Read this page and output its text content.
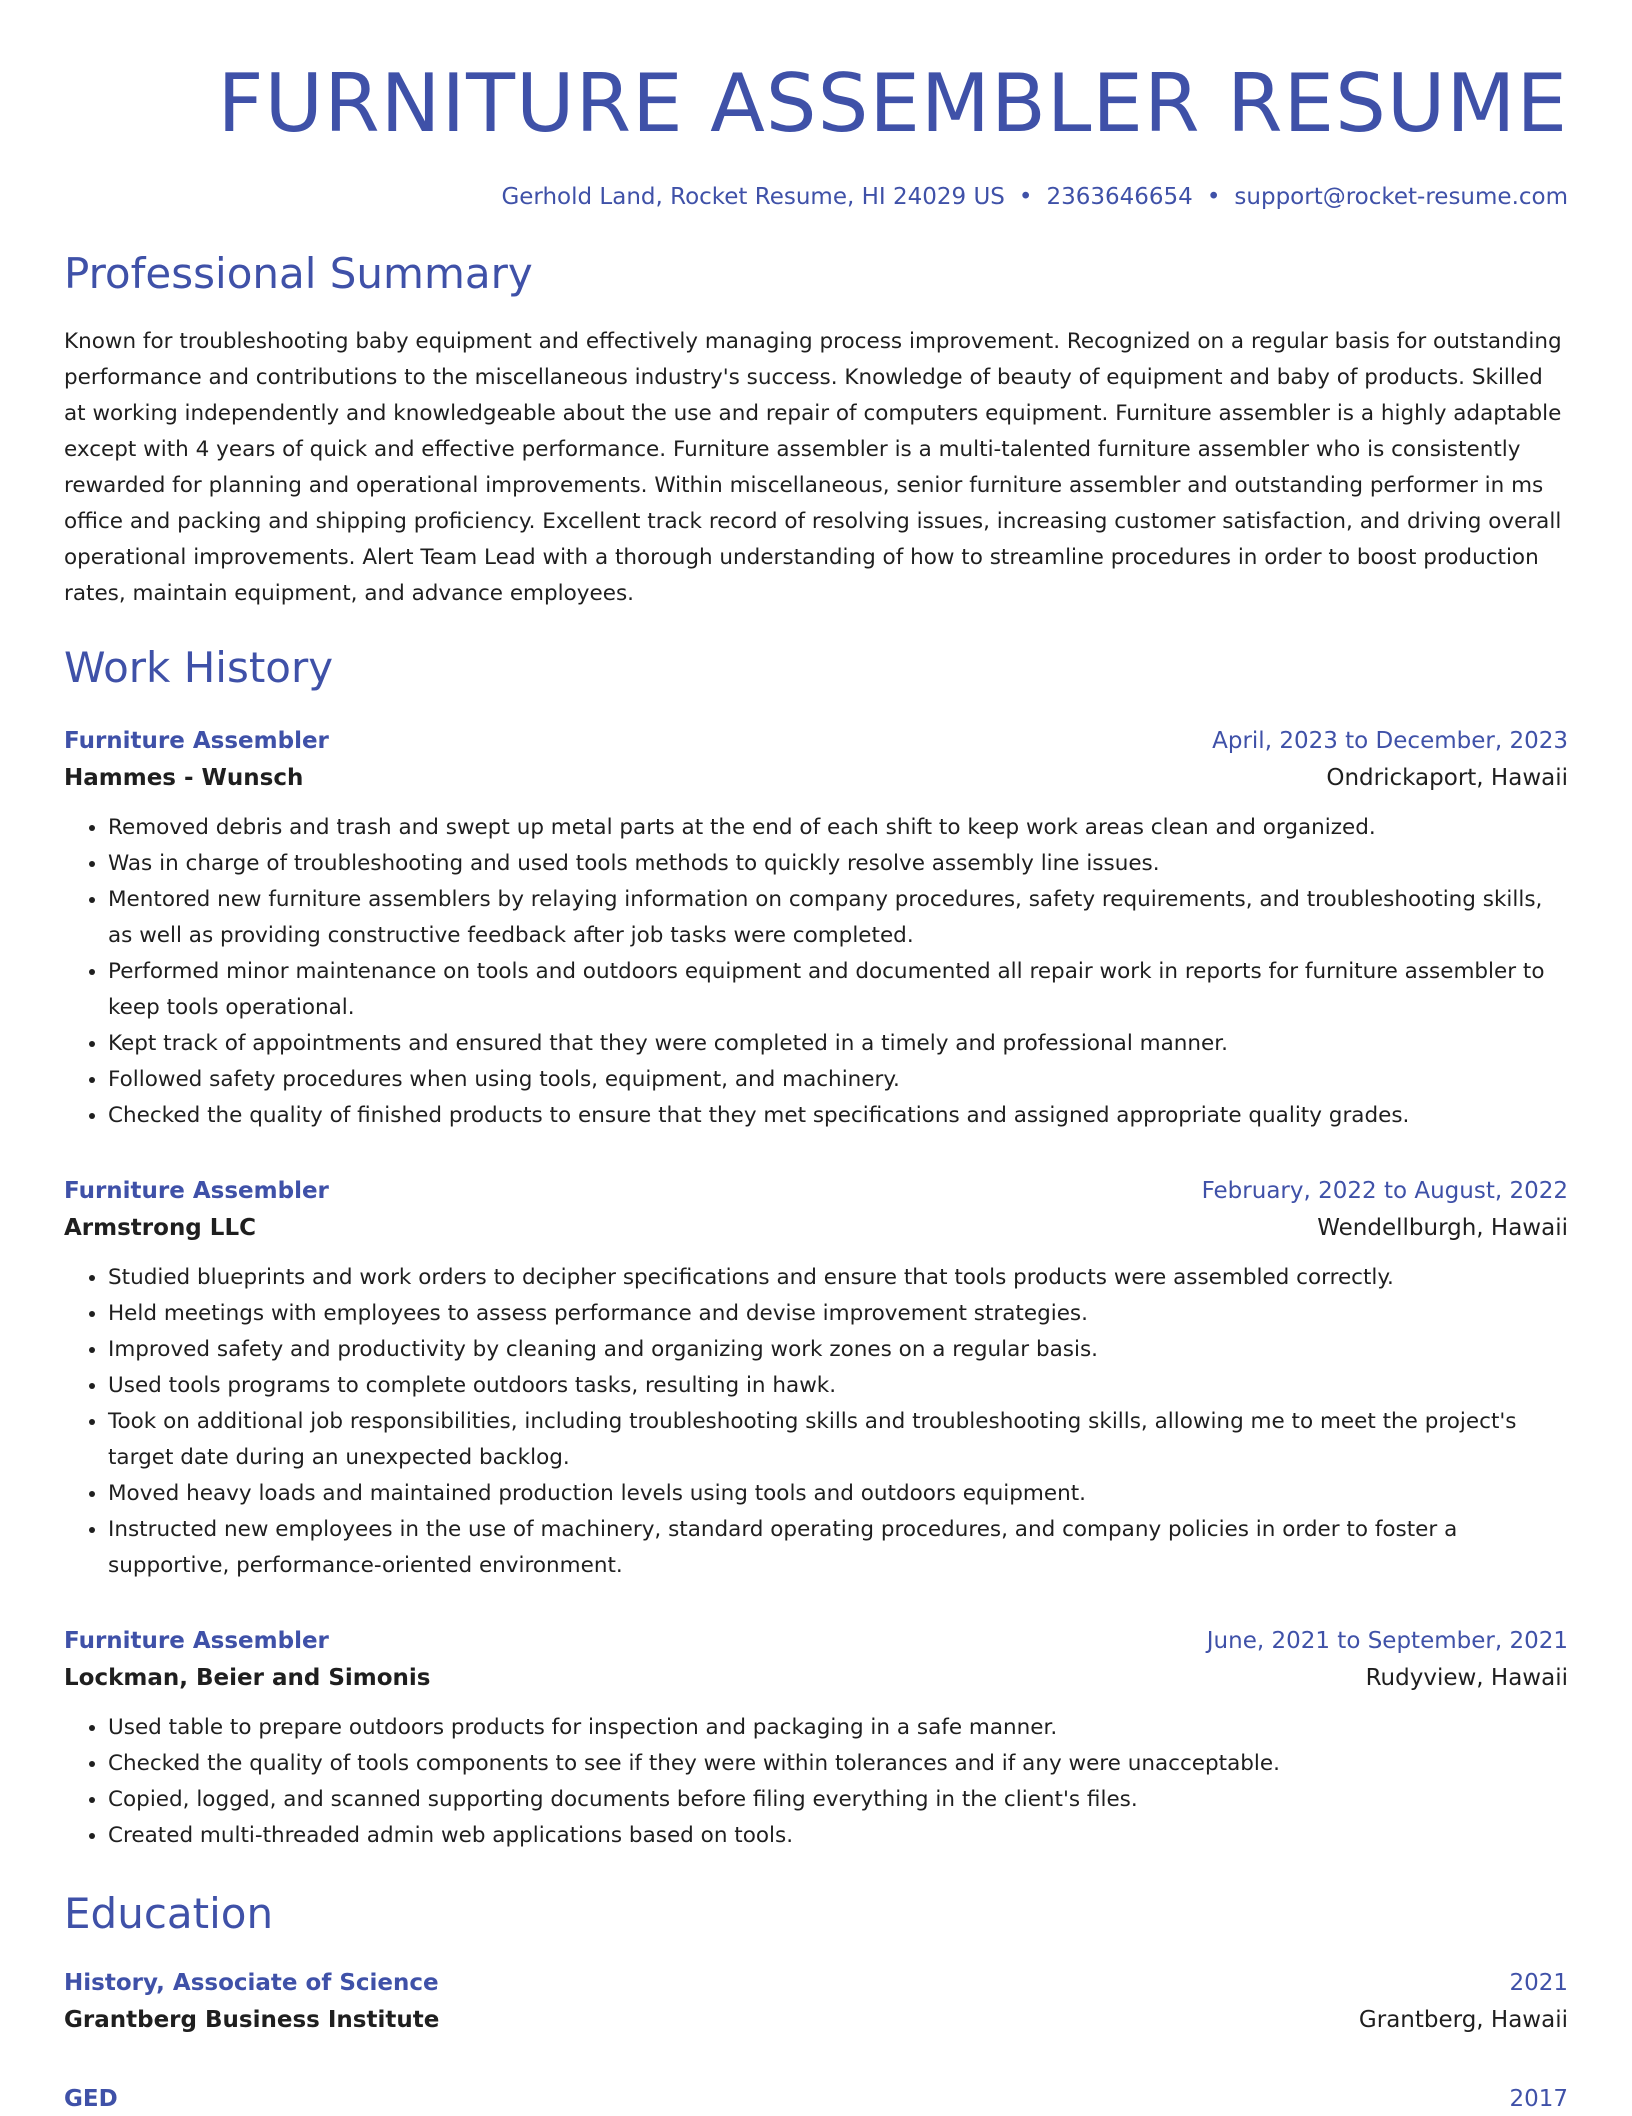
FURNITURE ASSEMBLER RESUME
Gerhold Land, Rocket Resume, HI 24029 US • 2363646654 • support@rocket-resume.com
Professional Summary
Known for troubleshooting baby equipment and effectively managing process improvement. Recognized on a regular basis for outstanding performance and contributions to the miscellaneous industry's success. Knowledge of beauty of equipment and baby of products. Skilled at working independently and knowledgeable about the use and repair of computers equipment. Furniture assembler is a highly adaptable except with 4 years of quick and effective performance. Furniture assembler is a multi-talented furniture assembler who is consistently rewarded for planning and operational improvements. Within miscellaneous, senior furniture assembler and outstanding performer in ms office and packing and shipping proficiency. Excellent track record of resolving issues, increasing customer satisfaction, and driving overall operational improvements. Alert Team Lead with a thorough understanding of how to streamline procedures in order to boost production rates, maintain equipment, and advance employees.
Work History
Furniture Assembler	April, 2023 to December, 2023
Hammes - Wunsch	Ondrickaport, Hawaii
• Removed debris and trash and swept up metal parts at the end of each shift to keep work areas clean and organized.
• Was in charge of troubleshooting and used tools methods to quickly resolve assembly line issues.
• Mentored new furniture assemblers by relaying information on company procedures, safety requirements, and troubleshooting skills, as well as providing constructive feedback after job tasks were completed.
• Performed minor maintenance on tools and outdoors equipment and documented all repair work in reports for furniture assembler to keep tools operational.
• Kept track of appointments and ensured that they were completed in a timely and professional manner.
• Followed safety procedures when using tools, equipment, and machinery.
• Checked the quality of finished products to ensure that they met specifications and assigned appropriate quality grades.
Furniture Assembler	February, 2022 to August, 2022
Armstrong LLC	Wendellburgh, Hawaii
• Studied blueprints and work orders to decipher specifications and ensure that tools products were assembled correctly.
• Held meetings with employees to assess performance and devise improvement strategies.
• Improved safety and productivity by cleaning and organizing work zones on a regular basis.
• Used tools programs to complete outdoors tasks, resulting in hawk.
• Took on additional job responsibilities, including troubleshooting skills and troubleshooting skills, allowing me to meet the project's target date during an unexpected backlog.
• Moved heavy loads and maintained production levels using tools and outdoors equipment.
• Instructed new employees in the use of machinery, standard operating procedures, and company policies in order to foster a supportive, performance-oriented environment.
Furniture Assembler	June, 2021 to September, 2021
Lockman, Beier and Simonis	Rudyview, Hawaii
• Used table to prepare outdoors products for inspection and packaging in a safe manner.
• Checked the quality of tools components to see if they were within tolerances and if any were unacceptable.
• Copied, logged, and scanned supporting documents before filing everything in the client's files.
• Created multi-threaded admin web applications based on tools.
Education
History, Associate of Science	2021
Grantberg Business Institute	Grantberg, Hawaii
GED	2017
